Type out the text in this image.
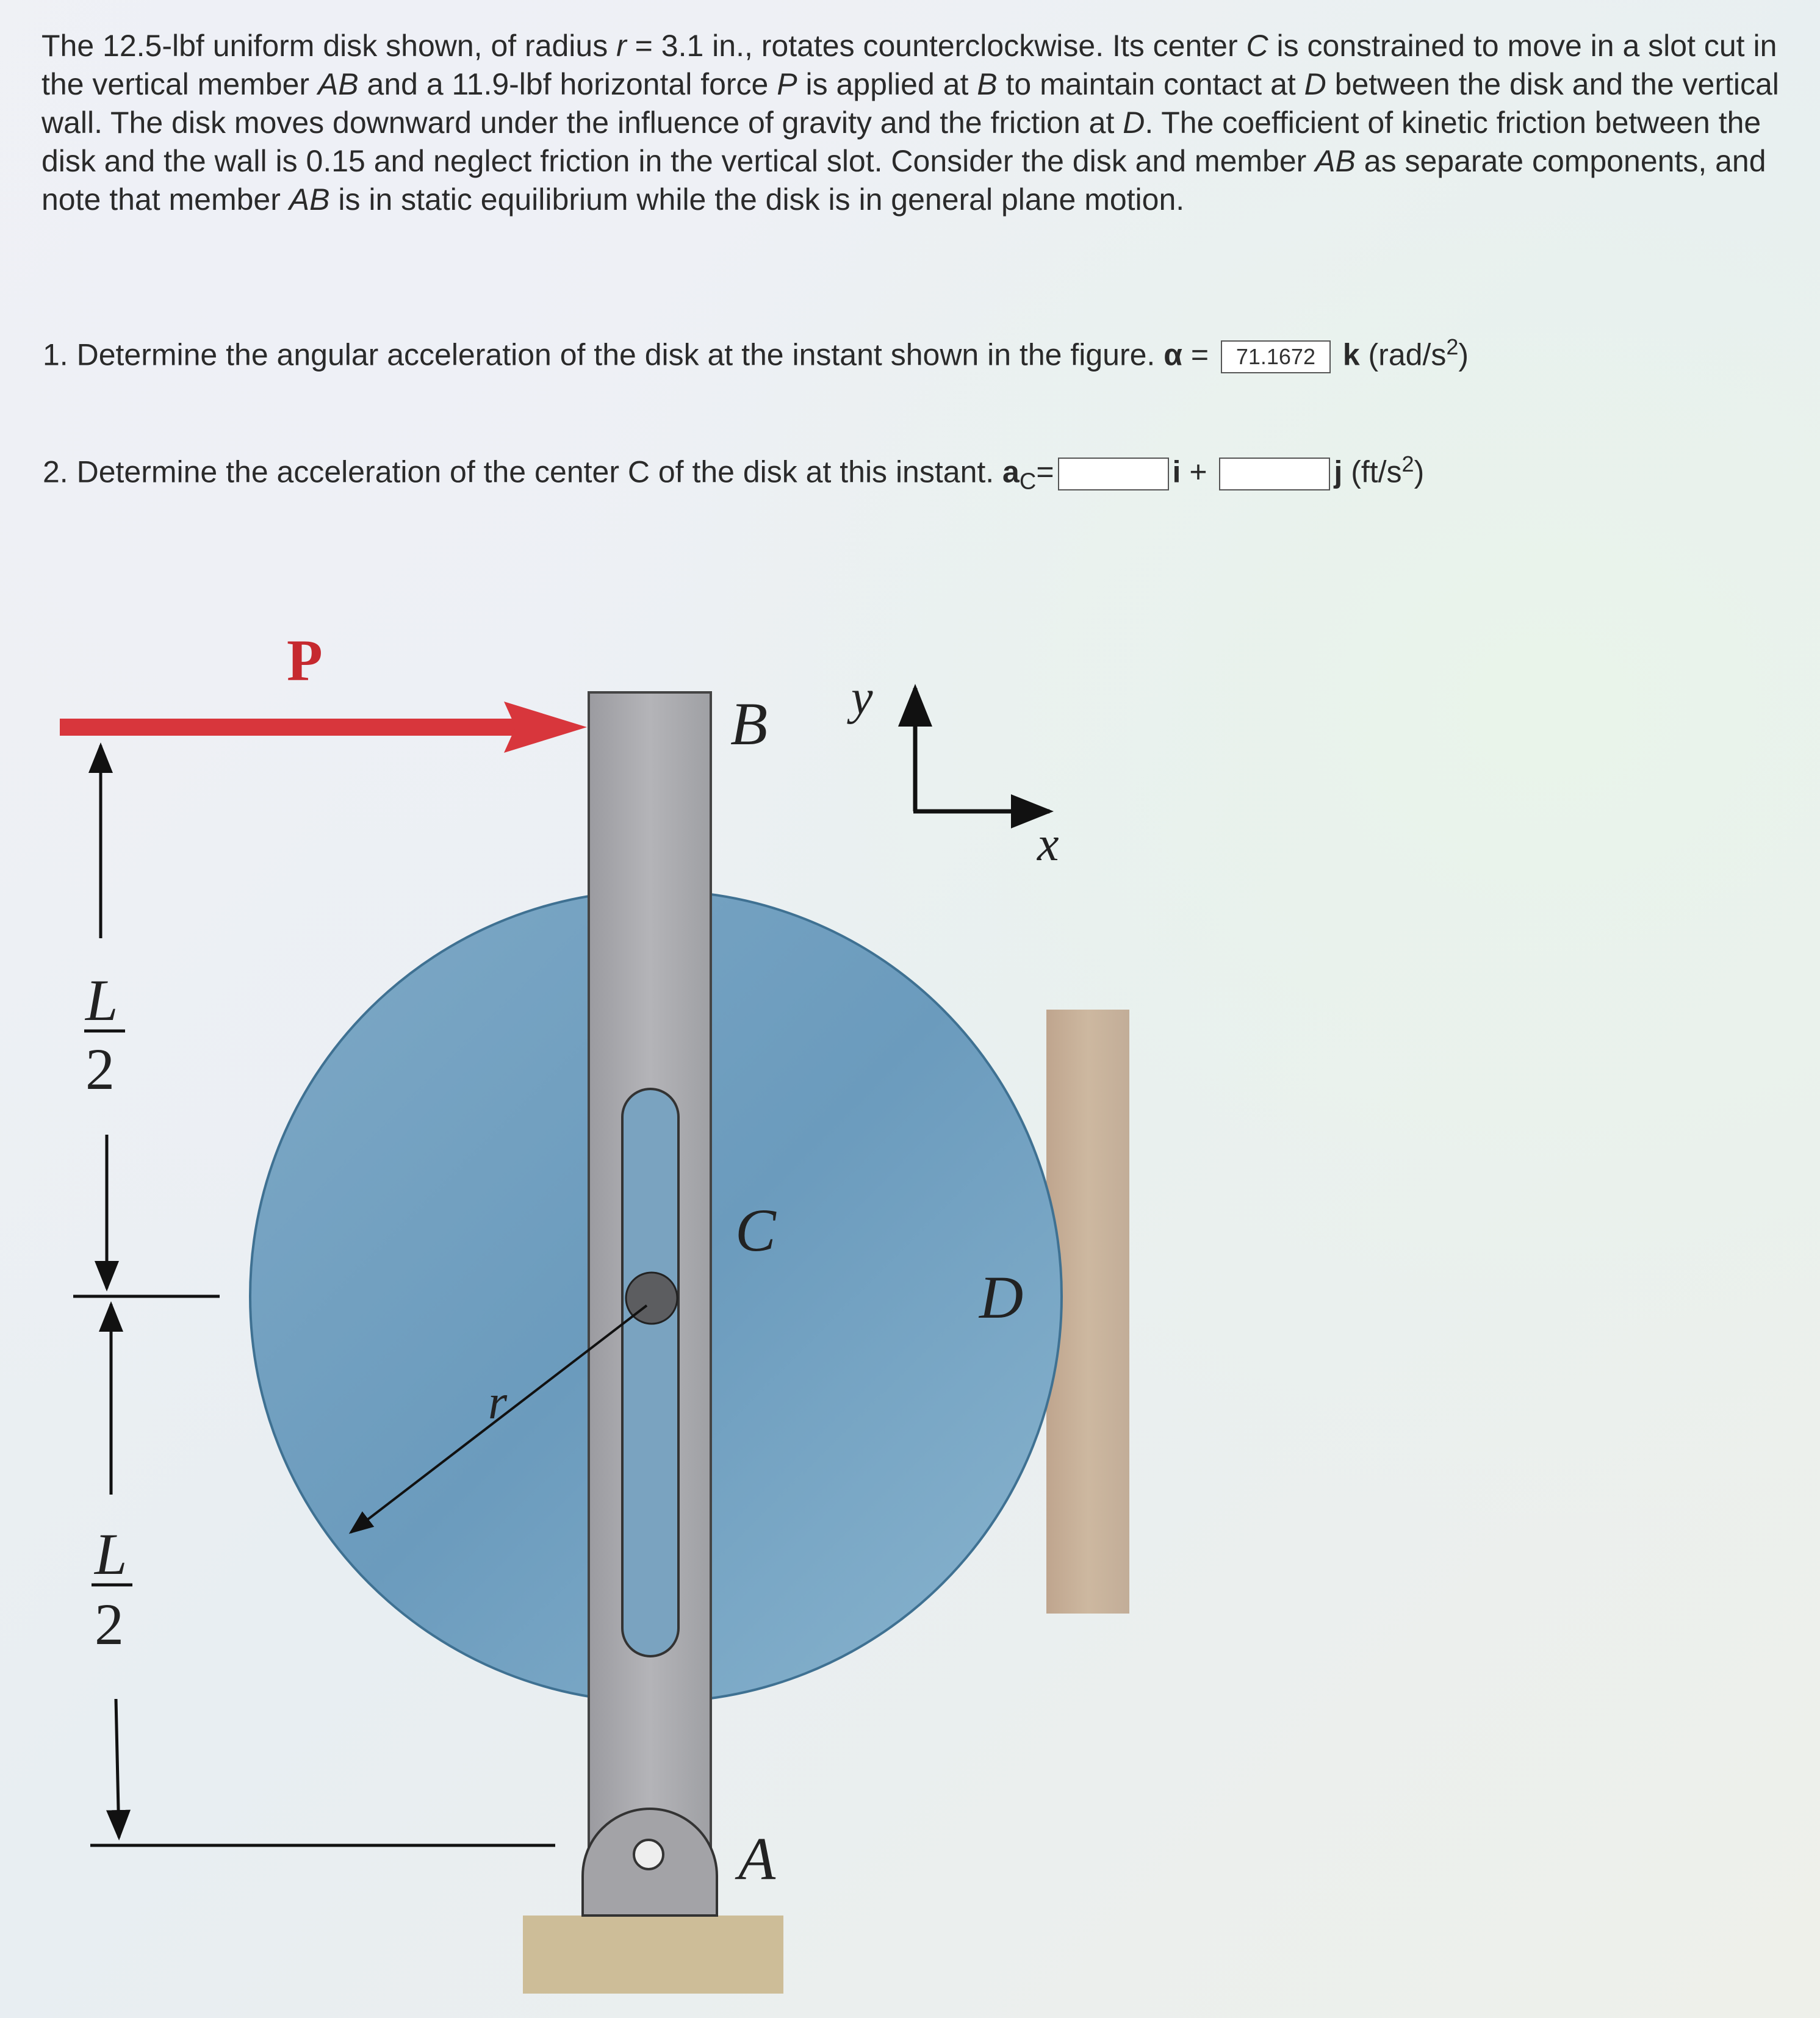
The 12.5-lbf uniform disk shown, of radius r = 3.1 in., rotates counterclockwise. Its center C is constrained to move in a slot cut in the vertical member AB and a 11.9-lbf horizontal force P is applied at B to maintain contact at D between the disk and the vertical wall. The disk moves downward under the influence of gravity and the friction at D. The coefficient of kinetic friction between the disk and the wall is 0.15 and neglect friction in the vertical slot. Consider the disk and member AB as separate components, and note that member AB is in static equilibrium while the disk is in general plane motion.

1. Determine the angular acceleration of the disk at the instant shown in the figure. α = 71.1672 k $(rad/s^2)$
2. Determine the acceleration of the center C of the disk at this instant. $a_C=$	i +	j $(ft/s^2)$
P
B y
x
C
D
r
A
L
2
L
2
